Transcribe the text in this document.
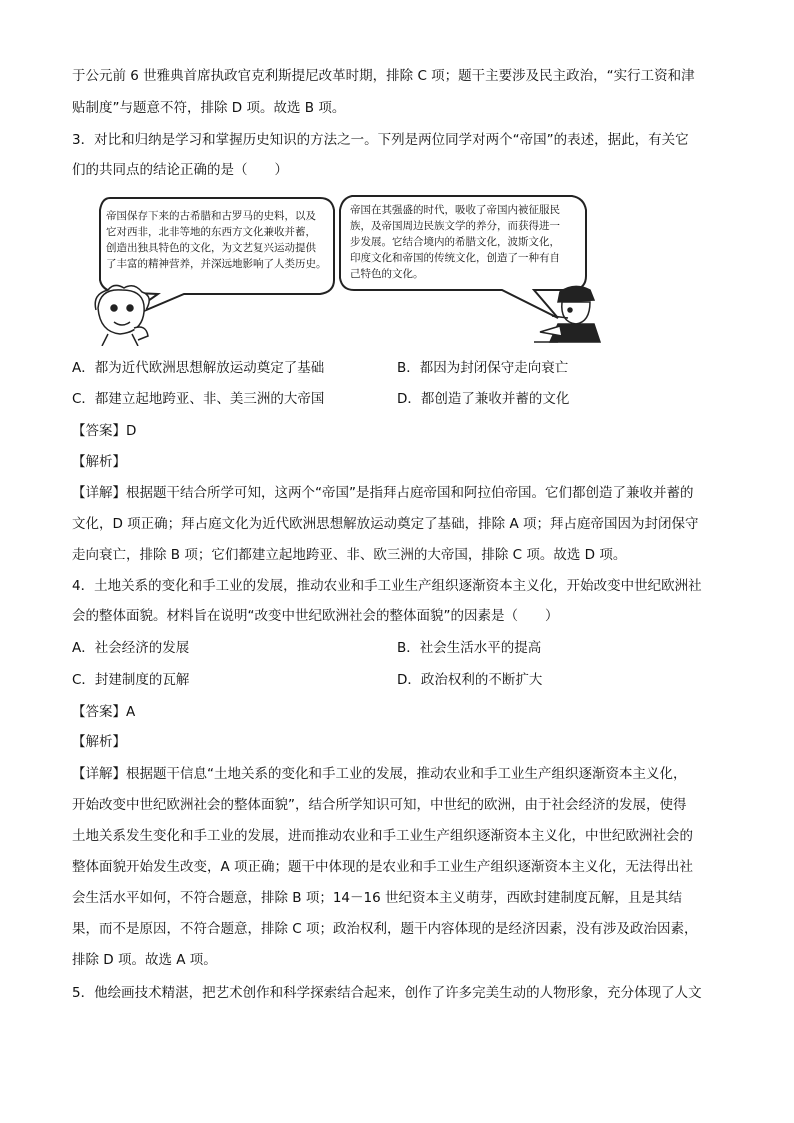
于公元前 6 世雅典首席执政官克利斯提尼改革时期，排除 C 项；题干主要涉及民主政治，“实行工资和津
贴制度”与题意不符，排除 D 项。故选 B 项。
3．对比和归纳是学习和掌握历史知识的方法之一。下列是两位同学对两个“帝国”的表述，据此，有关它
们的共同点的结论正确的是（　　）
帝国保存下来的古希腊和古罗马的史料，以及
它对西非，北非等地的东西方文化兼收并蓄，
创造出独具特色的文化，为文艺复兴运动提供
了丰富的精神营养，并深远地影响了人类历史。
帝国在其强盛的时代，吸收了帝国内被征服民
族，及帝国周边民族文学的养分，而获得进一
步发展。它结合境内的希腊文化，波斯文化，
印度文化和帝国的传统文化，创造了一种有自
己特色的文化。
A．都为近代欧洲思想解放运动奠定了基础	B．都因为封闭保守走向衰亡
C．都建立起地跨亚、非、美三洲的大帝国	D．都创造了兼收并蓄的文化
【答案】D
【解析】
【详解】根据题干结合所学可知，这两个“帝国”是指拜占庭帝国和阿拉伯帝国。它们都创造了兼收并蓄的
文化，D 项正确；拜占庭文化为近代欧洲思想解放运动奠定了基础，排除 A 项；拜占庭帝国因为封闭保守
走向衰亡，排除 B 项；它们都建立起地跨亚、非、欧三洲的大帝国，排除 C 项。故选 D 项。
4．土地关系的变化和手工业的发展，推动农业和手工业生产组织逐渐资本主义化，开始改变中世纪欧洲社
会的整体面貌。材料旨在说明“改变中世纪欧洲社会的整体面貌”的因素是（　　）
A．社会经济的发展	B．社会生活水平的提高
C．封建制度的瓦解	D．政治权利的不断扩大
【答案】A
【解析】
【详解】根据题干信息“土地关系的变化和手工业的发展，推动农业和手工业生产组织逐渐资本主义化，
开始改变中世纪欧洲社会的整体面貌”，结合所学知识可知，中世纪的欧洲，由于社会经济的发展，使得
土地关系发生变化和手工业的发展，进而推动农业和手工业生产组织逐渐资本主义化，中世纪欧洲社会的
整体面貌开始发生改变，A 项正确；题干中体现的是农业和手工业生产组织逐渐资本主义化，无法得出社
会生活水平如何，不符合题意，排除 B 项；14－16 世纪资本主义萌芽，西欧封建制度瓦解，且是其结
果，而不是原因，不符合题意，排除 C 项；政治权利，题干内容体现的是经济因素，没有涉及政治因素，
排除 D 项。故选 A 项。
5．他绘画技术精湛，把艺术创作和科学探索结合起来，创作了许多完美生动的人物形象，充分体现了人文
